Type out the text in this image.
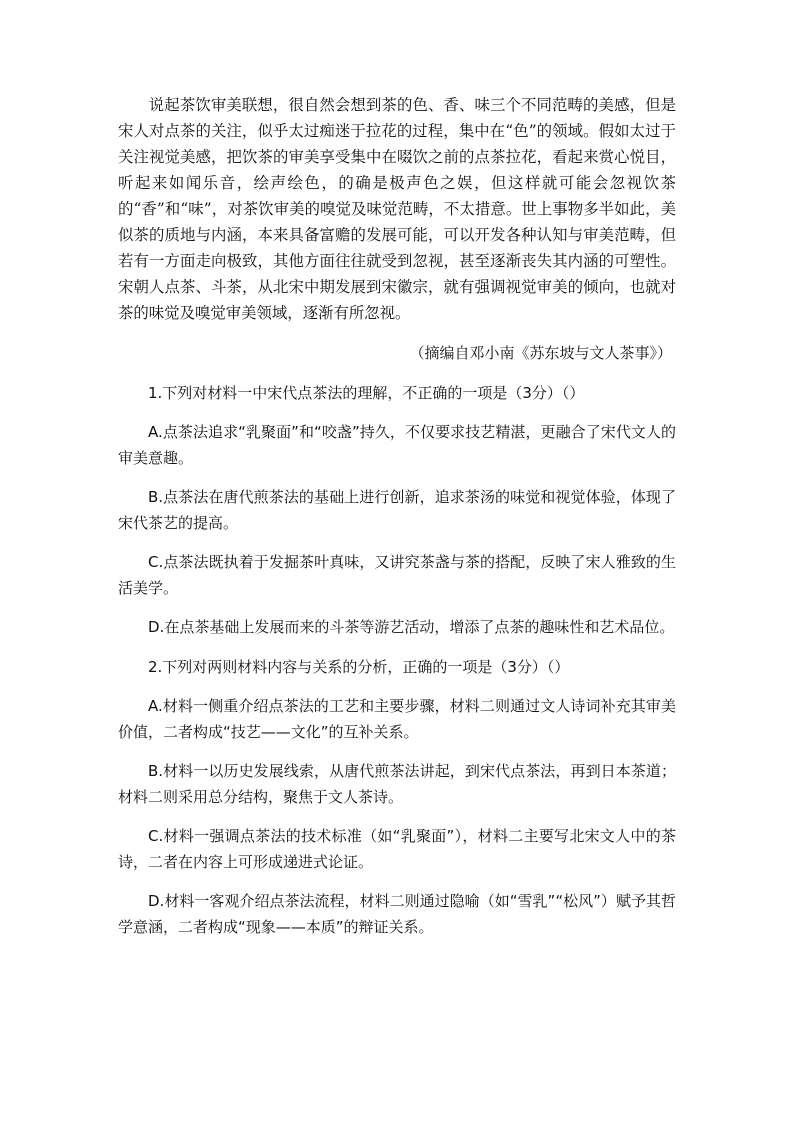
说起茶饮审美联想，很自然会想到茶的色、香、味三个不同范畴的美感，但是宋人对点茶的关注，似乎太过痴迷于拉花的过程，集中在“色”的领域。假如太过于关注视觉美感，把饮茶的审美享受集中在啜饮之前的点茶拉花，看起来赏心悦目，听起来如闻乐音，绘声绘色，的确是极声色之娱，但这样就可能会忽视饮茶的“香”和“味”，对茶饮审美的嗅觉及味觉范畴，不太措意。世上事物多半如此，美似茶的质地与内涵，本来具备富赡的发展可能，可以开发各种认知与审美范畴，但若有一方面走向极致，其他方面往往就受到忽视，甚至逐渐丧失其内涵的可塑性。宋朝人点茶、斗茶，从北宋中期发展到宋徽宗，就有强调视觉审美的倾向，也就对茶的味觉及嗅觉审美领域，逐渐有所忽视。

（摘编自邓小南《苏东坡与文人茶事》）

1.下列对材料一中宋代点茶法的理解，不正确的一项是（3分）（）

A.点茶法追求“乳聚面”和“咬盏”持久，不仅要求技艺精湛，更融合了宋代文人的审美意趣。

B.点茶法在唐代煎茶法的基础上进行创新，追求茶汤的味觉和视觉体验，体现了宋代茶艺的提高。

C.点茶法既执着于发掘茶叶真味，又讲究茶盏与茶的搭配，反映了宋人雅致的生活美学。

D.在点茶基础上发展而来的斗茶等游艺活动，增添了点茶的趣味性和艺术品位。

2.下列对两则材料内容与关系的分析，正确的一项是（3分）（）

A.材料一侧重介绍点茶法的工艺和主要步骤，材料二则通过文人诗词补充其审美价值，二者构成“技艺——文化”的互补关系。

B.材料一以历史发展线索，从唐代煎茶法讲起，到宋代点茶法，再到日本茶道；材料二则采用总分结构，聚焦于文人茶诗。

C.材料一强调点茶法的技术标准（如“乳聚面”），材料二主要写北宋文人中的茶诗，二者在内容上可形成递进式论证。

D.材料一客观介绍点茶法流程，材料二则通过隐喻（如“雪乳”“松风”）赋予其哲学意涵，二者构成“现象——本质”的辩证关系。
